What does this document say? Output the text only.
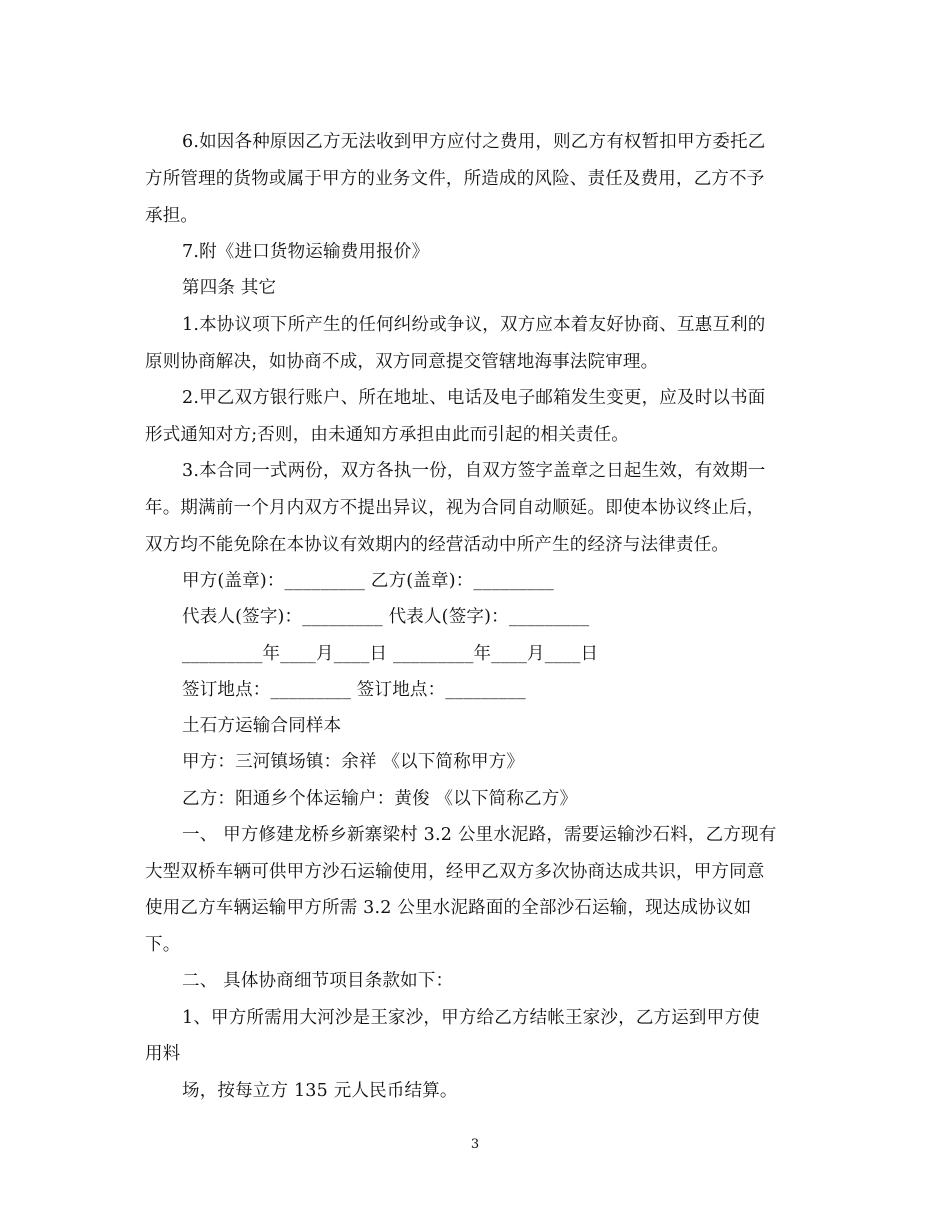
6.如因各种原因乙方无法收到甲方应付之费用，则乙方有权暂扣甲方委托乙

方所管理的货物或属于甲方的业务文件，所造成的风险、责任及费用，乙方不予

承担。

7.附《进口货物运输费用报价》

第四条 其它

1.本协议项下所产生的任何纠纷或争议，双方应本着友好协商、互惠互利的

原则协商解决，如协商不成，双方同意提交管辖地海事法院审理。

2.甲乙双方银行账户、所在地址、电话及电子邮箱发生变更，应及时以书面

形式通知对方;否则，由未通知方承担由此而引起的相关责任。

3.本合同一式两份，双方各执一份，自双方签字盖章之日起生效，有效期一

年。期满前一个月内双方不提出异议，视为合同自动顺延。即使本协议终止后，

双方均不能免除在本协议有效期内的经营活动中所产生的经济与法律责任。

甲方(盖章)：_________ 乙方(盖章)：_________

代表人(签字)：_________ 代表人(签字)：_________

_________年____月____日 _________年____月____日

签订地点：_________ 签订地点：_________

土石方运输合同样本

甲方：三河镇场镇：余祥 《以下简称甲方》

乙方：阳通乡个体运输户：黄俊 《以下简称乙方》

一、 甲方修建龙桥乡新寨梁村 3.2 公里水泥路，需要运输沙石料，乙方现有

大型双桥车辆可供甲方沙石运输使用，经甲乙双方多次协商达成共识，甲方同意

使用乙方车辆运输甲方所需 3.2 公里水泥路面的全部沙石运输，现达成协议如

下。

二、 具体协商细节项目条款如下：

1、甲方所需用大河沙是王家沙，甲方给乙方结帐王家沙，乙方运到甲方使

用料

场，按每立方 135 元人民币结算。

3
